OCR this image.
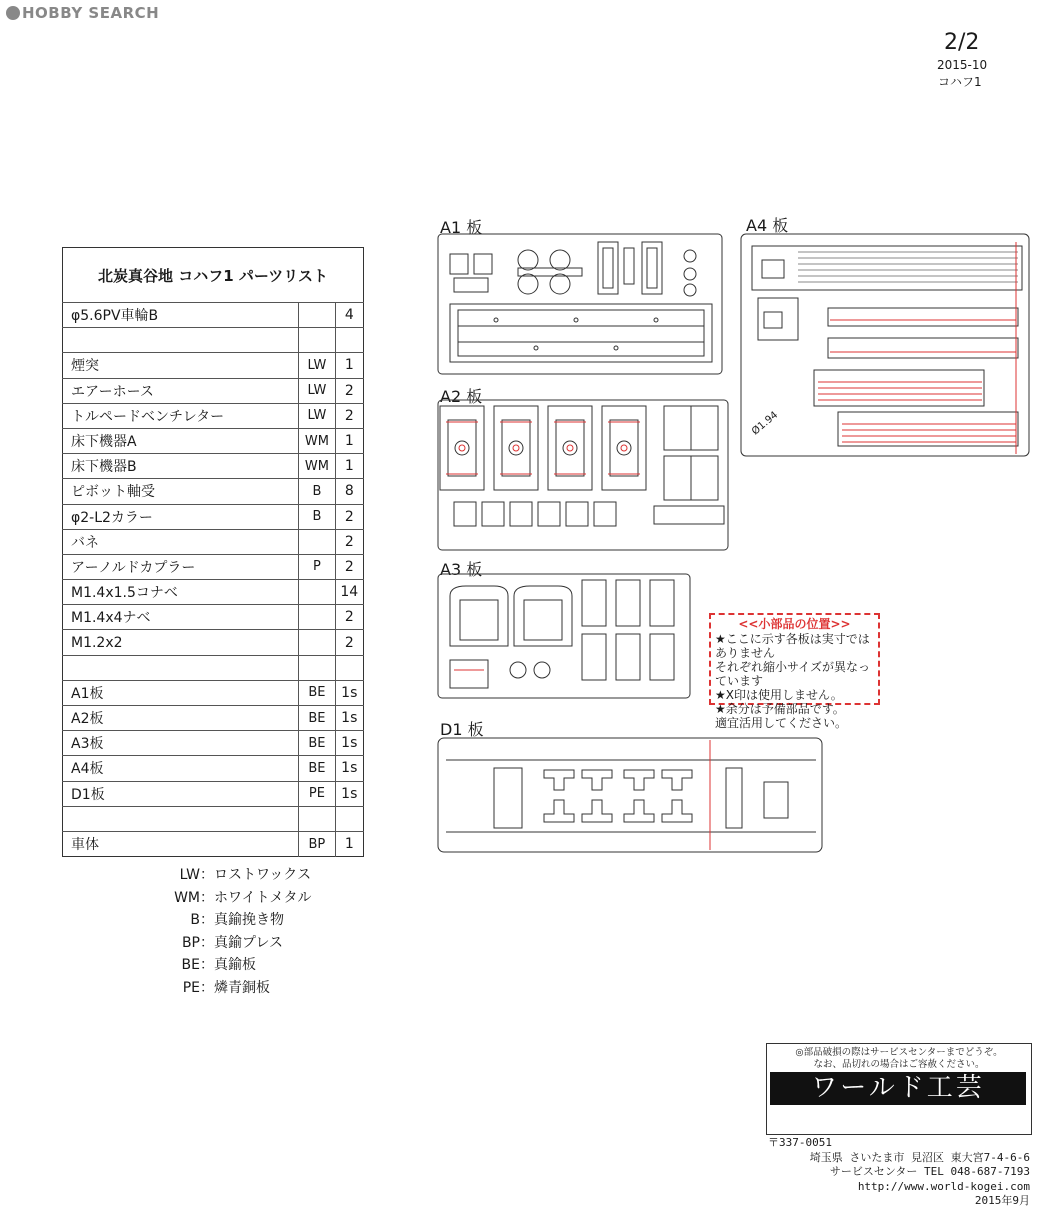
HOBBY SEARCH
2/2
2015-10
コハフ1
北炭真谷地 コハフ1 パーツリスト		
φ5.6PV車輪B		4

煙突	LW	1
エアーホース	LW	2
トルペードベンチレター	LW	2
床下機器A	WM	1
床下機器B	WM	1
ピボット軸受	B	8
φ2-L2カラー	B	2
バネ		2
アーノルドカプラー	P	2
M1.4x1.5コナベ		14
M1.4x4ナベ		2
M1.2x2		2

A1板	BE	1s
A2板	BE	1s
A3板	BE	1s
A4板	BE	1s
D1板	PE	1s

車体	BP	1
LW ： ロストワックス
WM ： ホワイトメタル
B ： 真鍮挽き物
BP ： 真鍮プレス
BE ： 真鍮板
PE ： 燐青銅板
A1 板	A4 板
A2 板
A3 板
D1 板
Ø1.94
<<小部品の位置>>
★ここに示す各板は実寸ではありません
それぞれ縮小サイズが異なっています
★X印は使用しません。
★余分は予備部品です。
適宜活用してください。
◎部品破損の際はサービスセンターまでどうぞ。
なお、品切れの場合はご容赦ください。
ワールド工芸
〒337-0051
埼玉県 さいたま市 見沼区 東大宮7-4-6-6
サービスセンター TEL 048-687-7193
http://www.world-kogei.com
2015年9月
